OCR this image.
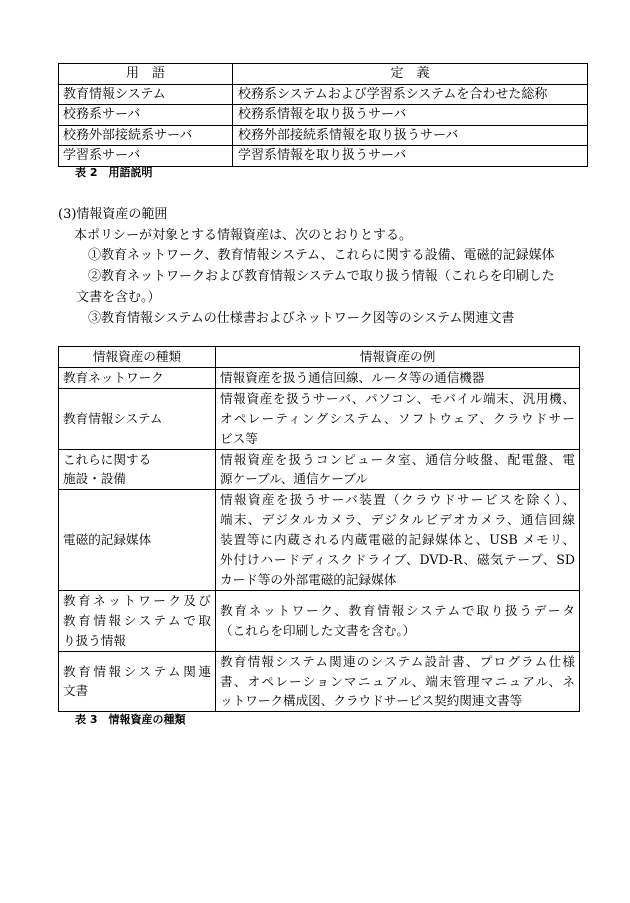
用　語	定　義
教育情報システム	校務系システムおよび学習系システムを合わせた総称
校務系サーバ	校務系情報を取り扱うサーバ
校務外部接続系サーバ	校務外部接続系情報を取り扱うサーバ
学習系サーバ	学習系情報を取り扱うサーバ
表 2　用語説明
(3)情報資産の範囲
本ポリシーが対象とする情報資産は、次のとおりとする。
①教育ネットワーク、教育情報システム、これらに関する設備、電磁的記録媒体
②教育ネットワークおよび教育情報システムで取り扱う情報（これらを印刷した
文書を含む。）
③教育情報システムの仕様書およびネットワーク図等のシステム関連文書
情報資産の種類	情報資産の例

教育ネットワーク	情報資産を扱う通信回線、ルータ等の通信機器

教育情報システム	情報資産を扱うサーバ、パソコン、モバイル端末、汎用機、
オペレーティングシステム、ソフトウェア、クラウドサー
ビス等

これらに関する
施設・設備	情報資産を扱うコンピュータ室、通信分岐盤、配電盤、電
源ケーブル、通信ケーブル

電磁的記録媒体	情報資産を扱うサーバ装置（クラウドサービスを除く）、
端末、デジタルカメラ、デジタルビデオカメラ、通信回線
装置等に内蔵される内蔵電磁的記録媒体と、USB メモリ、
外付けハードディスクドライブ、DVD-R、磁気テープ、SD
カード等の外部電磁的記録媒体

教育ネットワーク及び
教育情報システムで取
り扱う情報	教育ネットワーク、教育情報システムで取り扱うデータ
（これらを印刷した文書を含む。）

教育情報システム関連
文書	教育情報システム関連のシステム設計書、プログラム仕様
書、オペレーションマニュアル、端末管理マニュアル、ネ
ットワーク構成図、クラウドサービス契約関連文書等
表 3　情報資産の種類
